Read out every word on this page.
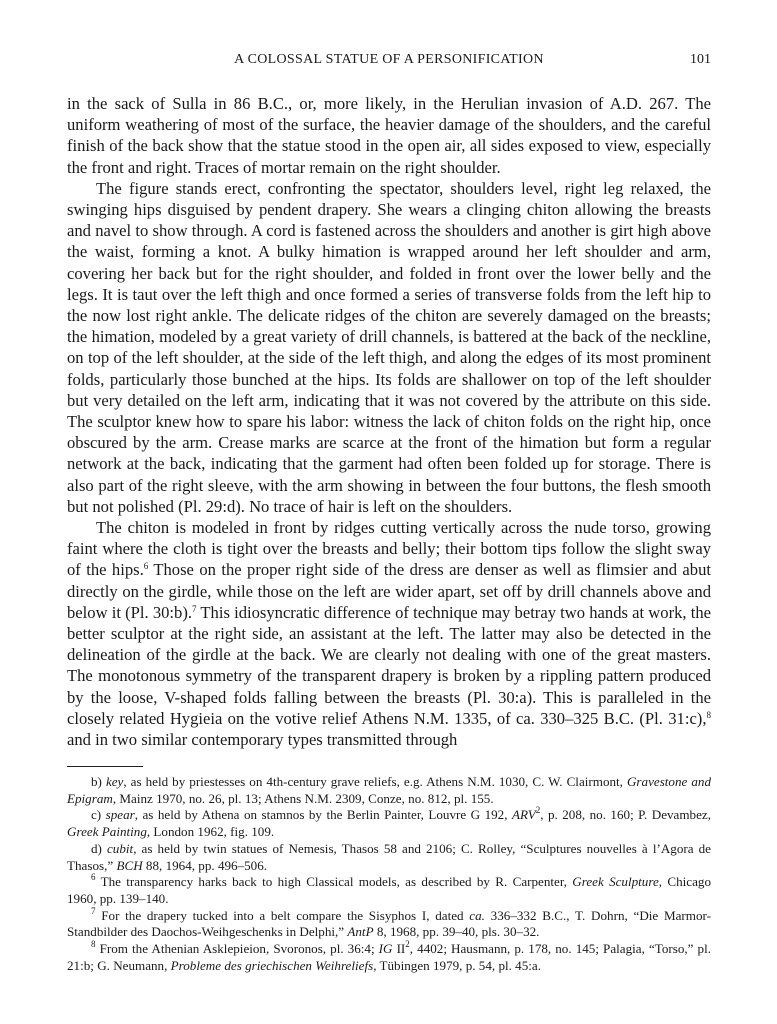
A COLOSSAL STATUE OF A PERSONIFICATION	101

in the sack of Sulla in 86 B.C., or, more likely, in the Herulian invasion of A.D. 267. The uniform weathering of most of the surface, the heavier damage of the shoulders, and the careful finish of the back show that the statue stood in the open air, all sides exposed to view, especially the front and right. Traces of mortar remain on the right shoulder.

The figure stands erect, confronting the spectator, shoulders level, right leg relaxed, the swinging hips disguised by pendent drapery. She wears a clinging chiton allowing the breasts and navel to show through. A cord is fastened across the shoulders and another is girt high above the waist, forming a knot. A bulky himation is wrapped around her left shoulder and arm, covering her back but for the right shoulder, and folded in front over the lower belly and the legs. It is taut over the left thigh and once formed a series of transverse folds from the left hip to the now lost right ankle. The delicate ridges of the chiton are severely damaged on the breasts; the himation, modeled by a great variety of drill channels, is battered at the back of the neckline, on top of the left shoulder, at the side of the left thigh, and along the edges of its most prominent folds, particularly those bunched at the hips. Its folds are shallower on top of the left shoulder but very detailed on the left arm, indicating that it was not covered by the attribute on this side. The sculptor knew how to spare his labor: witness the lack of chiton folds on the right hip, once obscured by the arm. Crease marks are scarce at the front of the himation but form a regular network at the back, indicating that the garment had often been folded up for storage. There is also part of the right sleeve, with the arm showing in between the four buttons, the flesh smooth but not polished (Pl. 29:d). No trace of hair is left on the shoulders.

The chiton is modeled in front by ridges cutting vertically across the nude torso, growing faint where the cloth is tight over the breasts and belly; their bottom tips follow the slight sway of the hips.$^6$ Those on the proper right side of the dress are denser as well as flimsier and abut directly on the girdle, while those on the left are wider apart, set off by drill channels above and below it (Pl. 30:b).$^7$ This idiosyncratic difference of technique may betray two hands at work, the better sculptor at the right side, an assistant at the left. The latter may also be detected in the delineation of the girdle at the back. We are clearly not dealing with one of the great masters. The monotonous symmetry of the transparent drapery is broken by a rippling pattern produced by the loose, V-shaped folds falling between the breasts (Pl. 30:a). This is paralleled in the closely related Hygieia on the votive relief Athens N.M. 1335, of ca. 330–325 B.C. (Pl. 31:c),$^8$ and in two similar contemporary types transmitted through

b) key, as held by priestesses on 4th-century grave reliefs, e.g. Athens N.M. 1030, C. W. Clairmont, Gravestone and Epigram, Mainz 1970, no. 26, pl. 13; Athens N.M. 2309, Conze, no. 812, pl. 155.

c) spear, as held by Athena on stamnos by the Berlin Painter, Louvre G 192, ARV$^2$, p. 208, no. 160; P. Devambez, Greek Painting, London 1962, fig. 109.

d) cubit, as held by twin statues of Nemesis, Thasos 58 and 2106; C. Rolley, “Sculptures nouvelles à l’Agora de Thasos,” BCH 88, 1964, pp. 496–506.

$^6$ The transparency harks back to high Classical models, as described by R. Carpenter, Greek Sculpture, Chicago 1960, pp. 139–140.

$^7$ For the drapery tucked into a belt compare the Sisyphos I, dated ca. 336–332 B.C., T. Dohrn, “Die Marmor-Standbilder des Daochos-Weihgeschenks in Delphi,” AntP 8, 1968, pp. 39–40, pls. 30–32.

$^8$ From the Athenian Asklepieion, Svoronos, pl. 36:4; IG $II^2$, 4402; Hausmann, p. 178, no. 145; Palagia, “Torso,” pl. 21:b; G. Neumann, Probleme des griechischen Weihreliefs, Tübingen 1979, p. 54, pl. 45:a.
